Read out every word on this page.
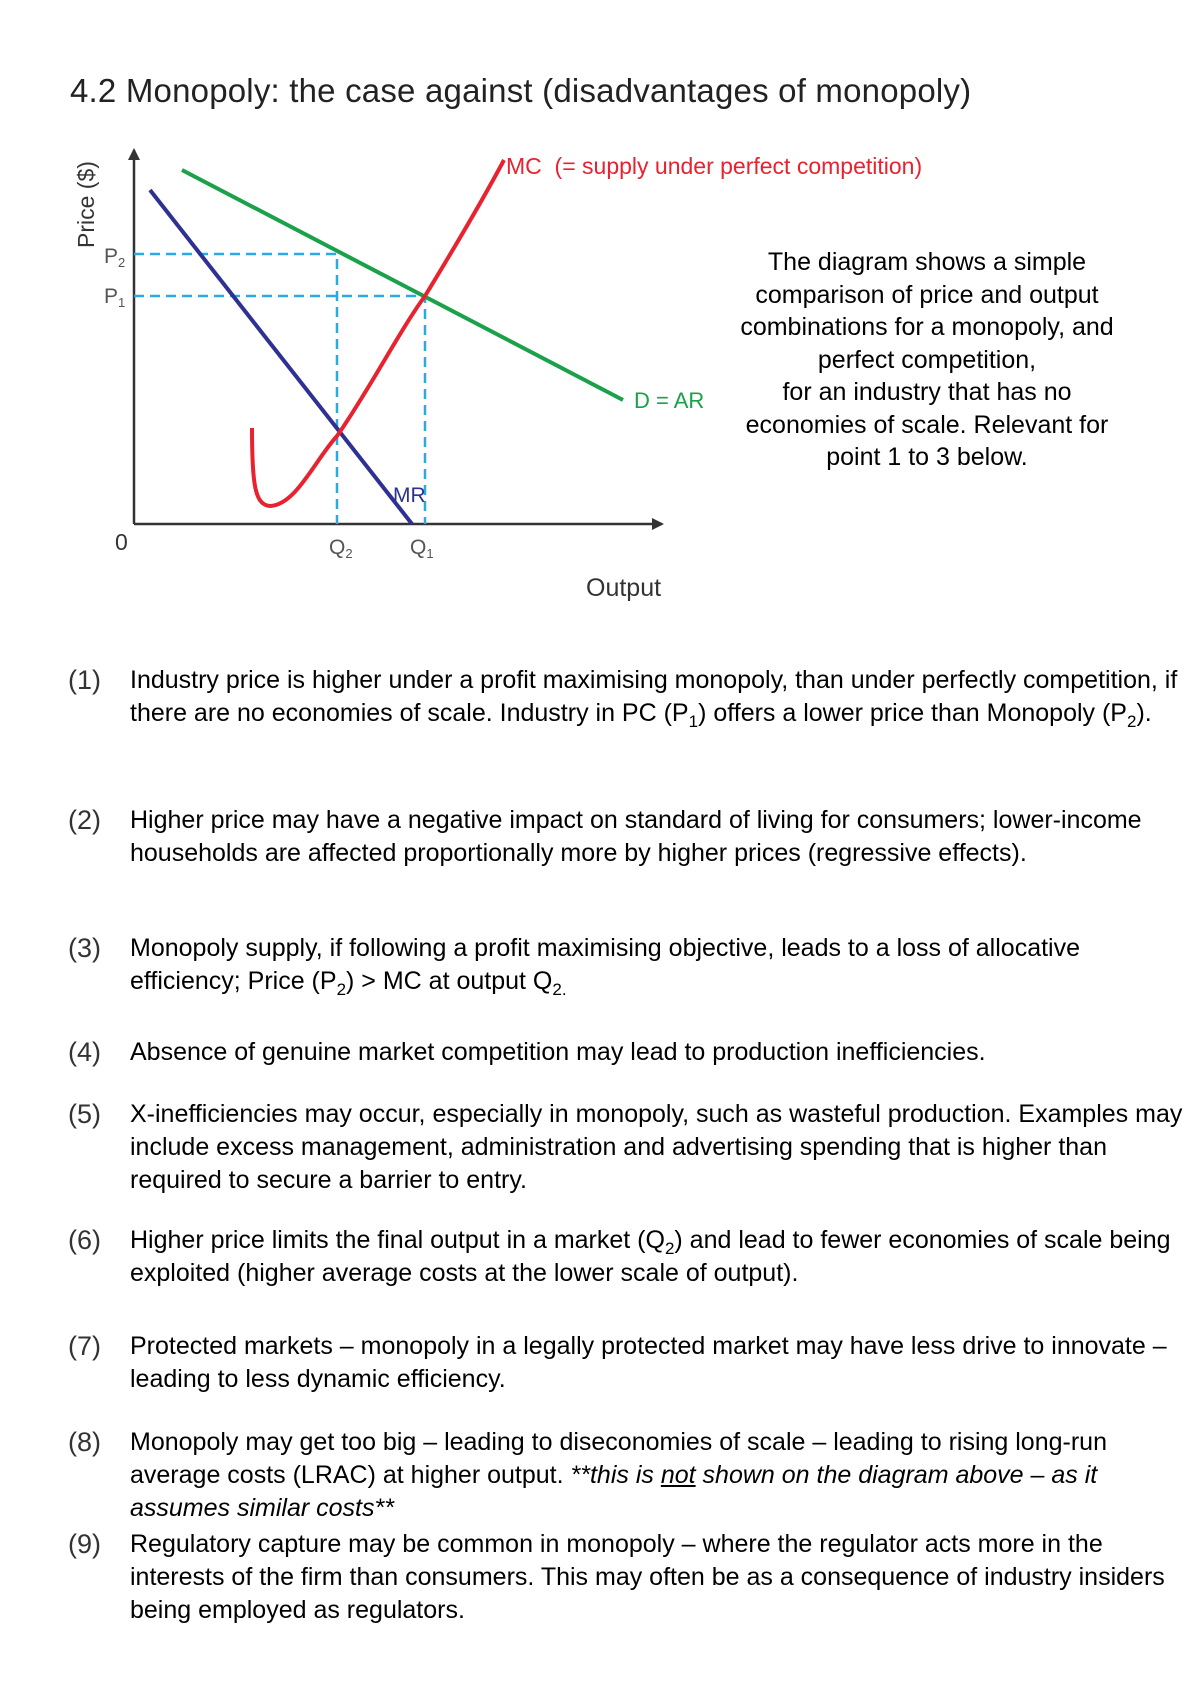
4.2 Monopoly: the case against (disadvantages of monopoly)
Price ($)
Output
0
P2
P1
Q2	Q1
MC  (= supply under perfect competition)
D = AR
MR
The diagram shows a simple
comparison of price and output
combinations for a monopoly, and
perfect competition,
for an industry that has no
economies of scale. Relevant for
point 1 to 3 below.
(1)	Industry price is higher under a profit maximising monopoly, than under perfectly competition, if there are no economies of scale. Industry in PC $(P_1)$ offers a lower price than Monopoly $(P_2)$.
(2)	Higher price may have a negative impact on standard of living for consumers; lower-income households are affected proportionally more by higher prices (regressive effects).
(3)	Monopoly supply, if following a profit maximising objective, leads to a loss of allocative efficiency; Price $(P_2)$ > MC at output $Q_{2.}$
(4)	Absence of genuine market competition may lead to production inefficiencies.
(5)	X-inefficiencies may occur, especially in monopoly, such as wasteful production. Examples may include excess management, administration and advertising spending that is higher than required to secure a barrier to entry.
(6)	Higher price limits the final output in a market $(Q_2)$ and lead to fewer economies of scale being exploited (higher average costs at the lower scale of output).
(7)	Protected markets – monopoly in a legally protected market may have less drive to innovate – leading to less dynamic efficiency.
(8)	Monopoly may get too big – leading to diseconomies of scale – leading to rising long-run average costs (LRAC) at higher output. **this is not shown on the diagram above – as it assumes similar costs**
(9)	Regulatory capture may be common in monopoly – where the regulator acts more in the interests of the firm than consumers. This may often be as a consequence of industry insiders being employed as regulators.
